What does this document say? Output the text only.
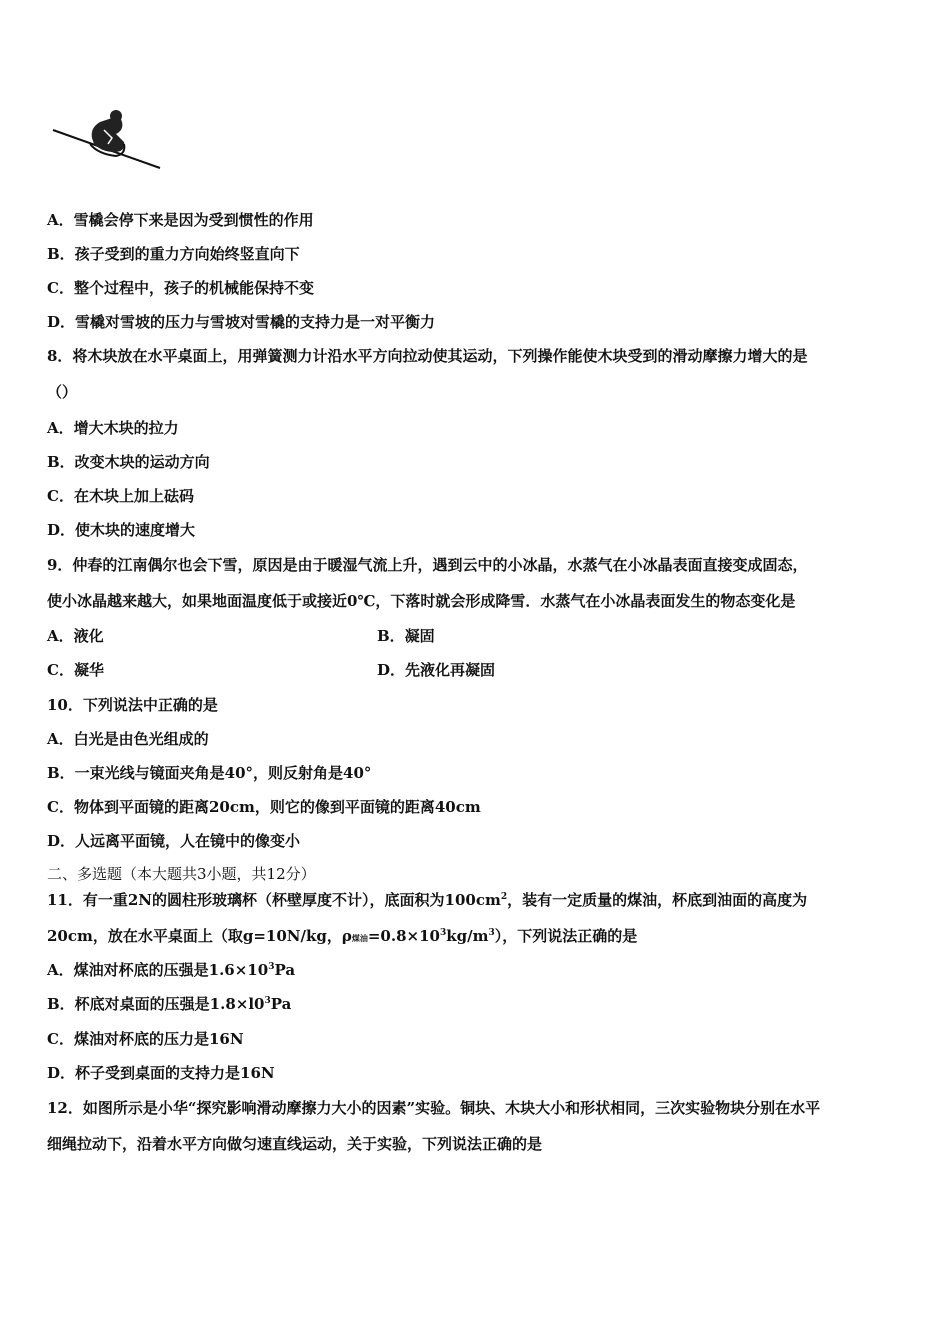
A．雪橇会停下来是因为受到惯性的作用
B．孩子受到的重力方向始终竖直向下
C．整个过程中，孩子的机械能保持不变
D．雪橇对雪坡的压力与雪坡对雪橇的支持力是一对平衡力
8．将木块放在水平桌面上，用弹簧测力计沿水平方向拉动使其运动，下列操作能使木块受到的滑动摩擦力增大的是
（）
A．增大木块的拉力
B．改变木块的运动方向
C．在木块上加上砝码
D．使木块的速度增大
9．仲春的江南偶尔也会下雪，原因是由于暖湿气流上升，遇到云中的小冰晶，水蒸气在小冰晶表面直接变成固态，
使小冰晶越来越大，如果地面温度低于或接近0℃，下落时就会形成降雪．水蒸气在小冰晶表面发生的物态变化是
A．液化	B．凝固
C．凝华	D．先液化再凝固
10．下列说法中正确的是
A．白光是由色光组成的
B．一束光线与镜面夹角是40°，则反射角是40°
C．物体到平面镜的距离20cm，则它的像到平面镜的距离40cm
D．人远离平面镜，人在镜中的像变小
二、多选题（本大题共3小题，共12分）
11．有一重2N的圆柱形玻璃杯（杯壁厚度不计），底面积为$100cm^2$，装有一定质量的煤油，杯底到油面的高度为
20cm，放在水平桌面上（取g=10N/kg，ρ煤油$=0.8\times 10^3kg/m^3$），下列说法正确的是
A．煤油对杯底的压强是$1.6\times 10^3Pa$
B．杯底对桌面的压强是$1.8\times l0^3Pa$
C．煤油对杯底的压力是16N
D．杯子受到桌面的支持力是16N
12．如图所示是小华“探究影响滑动摩擦力大小的因素”实验。铜块、木块大小和形状相同，三次实验物块分别在水平
细绳拉动下，沿着水平方向做匀速直线运动，关于实验，下列说法正确的是
